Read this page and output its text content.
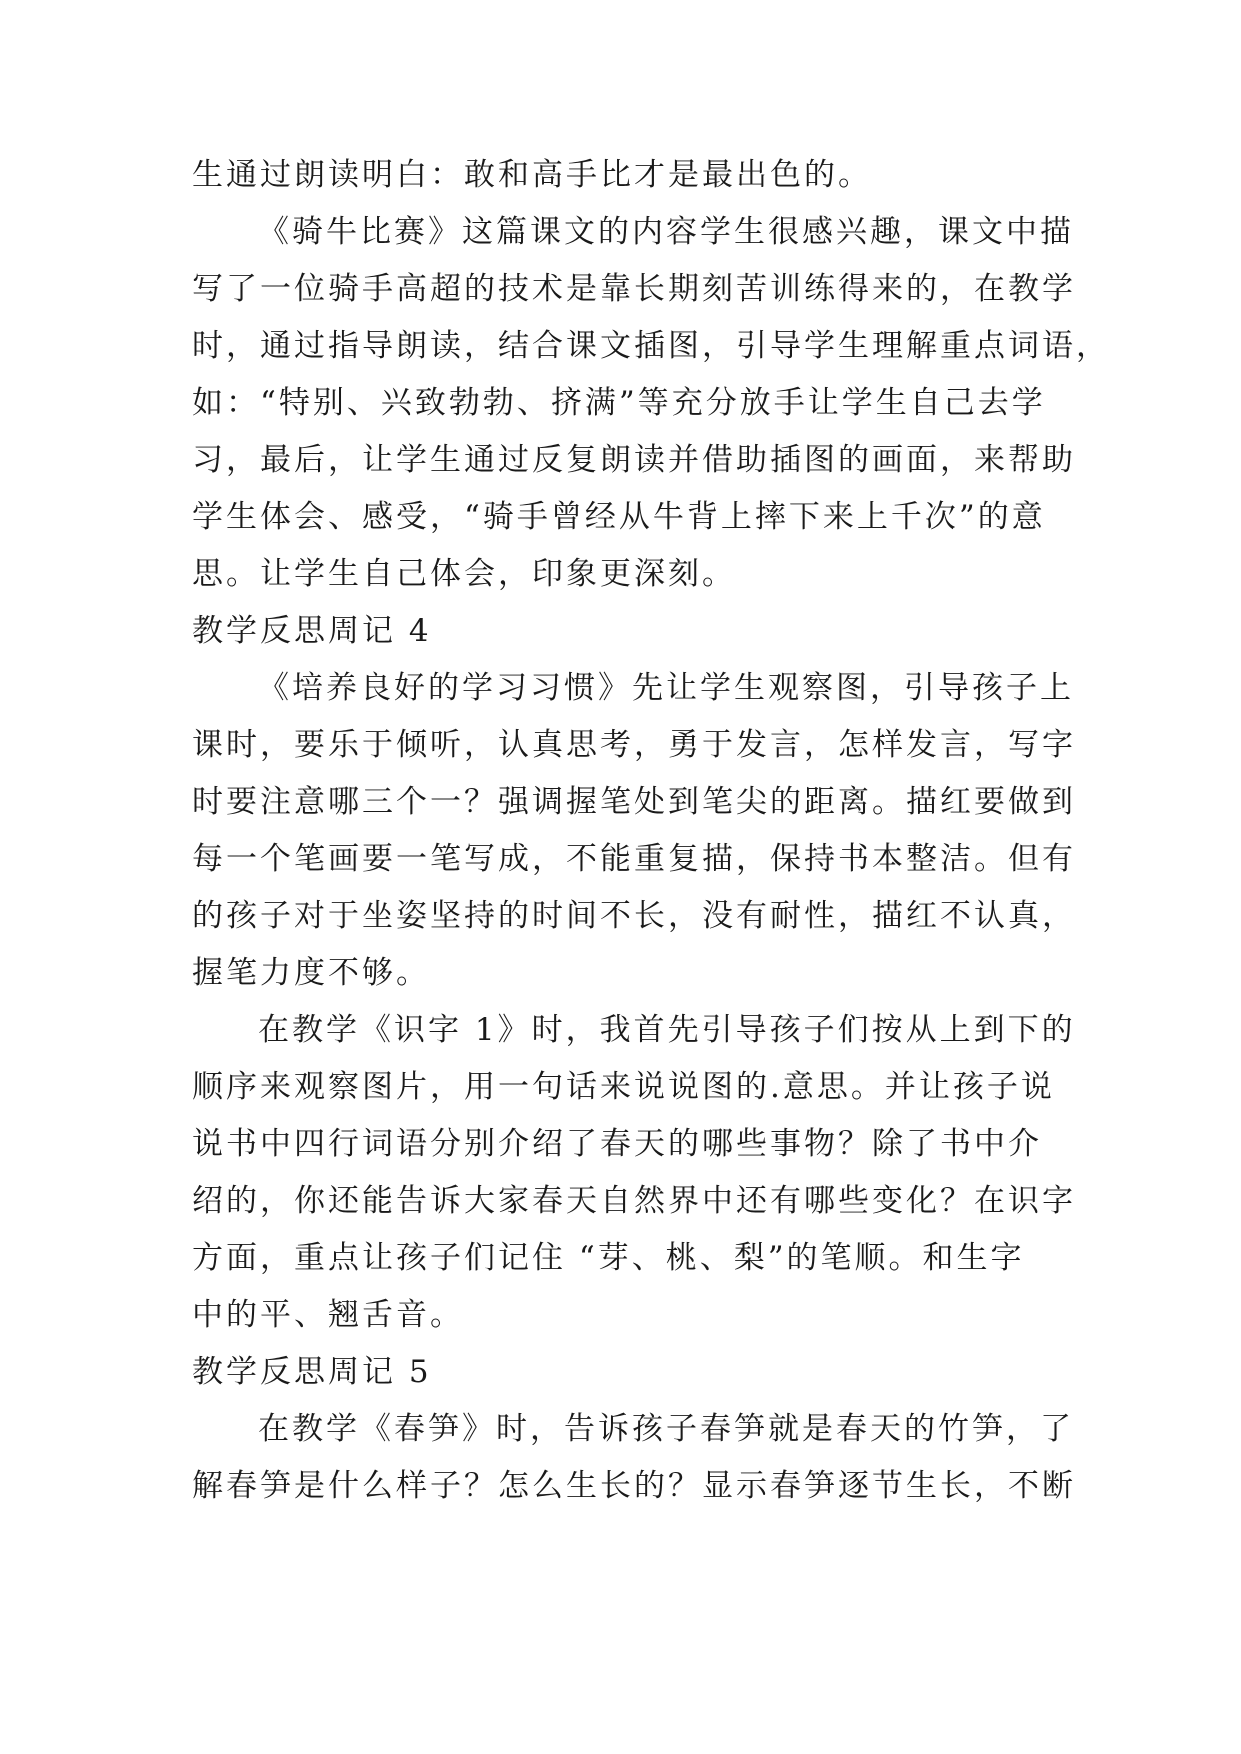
生通过朗读明白：敢和高手比才是最出色的。
《骑牛比赛》这篇课文的内容学生很感兴趣，课文中描
写了一位骑手高超的技术是靠长期刻苦训练得来的，在教学
时，通过指导朗读，结合课文插图，引导学生理解重点词语，
如：“特别、兴致勃勃、挤满”等充分放手让学生自己去学
习，最后，让学生通过反复朗读并借助插图的画面，来帮助
学生体会、感受，“骑手曾经从牛背上摔下来上千次”的意
思。让学生自己体会，印象更深刻。
教学反思周记 4
《培养良好的学习习惯》先让学生观察图，引导孩子上
课时，要乐于倾听，认真思考，勇于发言，怎样发言，写字
时要注意哪三个一？强调握笔处到笔尖的距离。描红要做到
每一个笔画要一笔写成，不能重复描，保持书本整洁。但有
的孩子对于坐姿坚持的时间不长，没有耐性，描红不认真，
握笔力度不够。
在教学《识字 1》时，我首先引导孩子们按从上到下的
顺序来观察图片，用一句话来说说图的.意思。并让孩子说
说书中四行词语分别介绍了春天的哪些事物？除了书中介
绍的，你还能告诉大家春天自然界中还有哪些变化？在识字
方面，重点让孩子们记住 “芽、桃、梨”的笔顺。和生字
中的平、翘舌音。
教学反思周记 5
在教学《春笋》时，告诉孩子春笋就是春天的竹笋，了
解春笋是什么样子？怎么生长的？显示春笋逐节生长，不断
